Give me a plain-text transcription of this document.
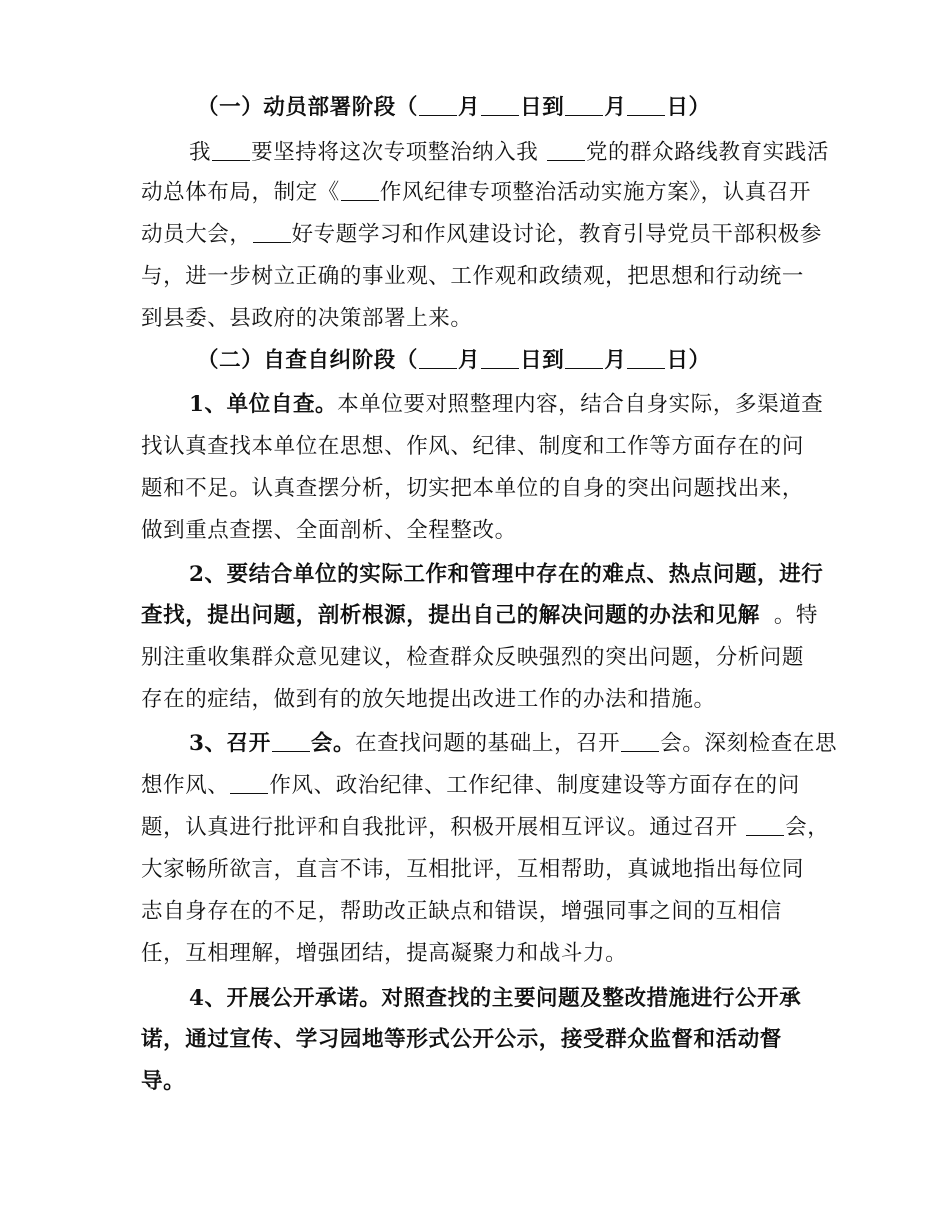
（一）动员部署阶段（ 月 日到 月 日）
我 要坚持将这次专项整治纳入我 党的群众路线教育实践活
动总体布局，制定《 作风纪律专项整治活动实施方案》，认真召开
动员大会， 好专题学习和作风建设讨论，教育引导党员干部积极参
与，进一步树立正确的事业观、工作观和政绩观，把思想和行动统一
到县委、县政府的决策部署上来。
（二）自查自纠阶段（ 月 日到 月 日）
1、单位自查。本单位要对照整理内容，结合自身实际，多渠道查
找认真查找本单位在思想、作风、纪律、制度和工作等方面存在的问
题和不足。认真查摆分析，切实把本单位的自身的突出问题找出来，
做到重点查摆、全面剖析、全程整改。
2、要结合单位的实际工作和管理中存在的难点、热点问题，进行
查找，提出问题，剖析根源，提出自己的解决问题的办法和见解 。特
别注重收集群众意见建议，检查群众反映强烈的突出问题，分析问题
存在的症结，做到有的放矢地提出改进工作的办法和措施。
3、召开 会。在查找问题的基础上，召开 会。深刻检查在思
想作风、 作风、政治纪律、工作纪律、制度建设等方面存在的问
题，认真进行批评和自我批评，积极开展相互评议。通过召开 会，
大家畅所欲言，直言不讳，互相批评，互相帮助，真诚地指出每位同
志自身存在的不足，帮助改正缺点和错误，增强同事之间的互相信
任，互相理解，增强团结，提高凝聚力和战斗力。
4、开展公开承诺。对照查找的主要问题及整改措施进行公开承
诺，通过宣传、学习园地等形式公开公示，接受群众监督和活动督
导。
